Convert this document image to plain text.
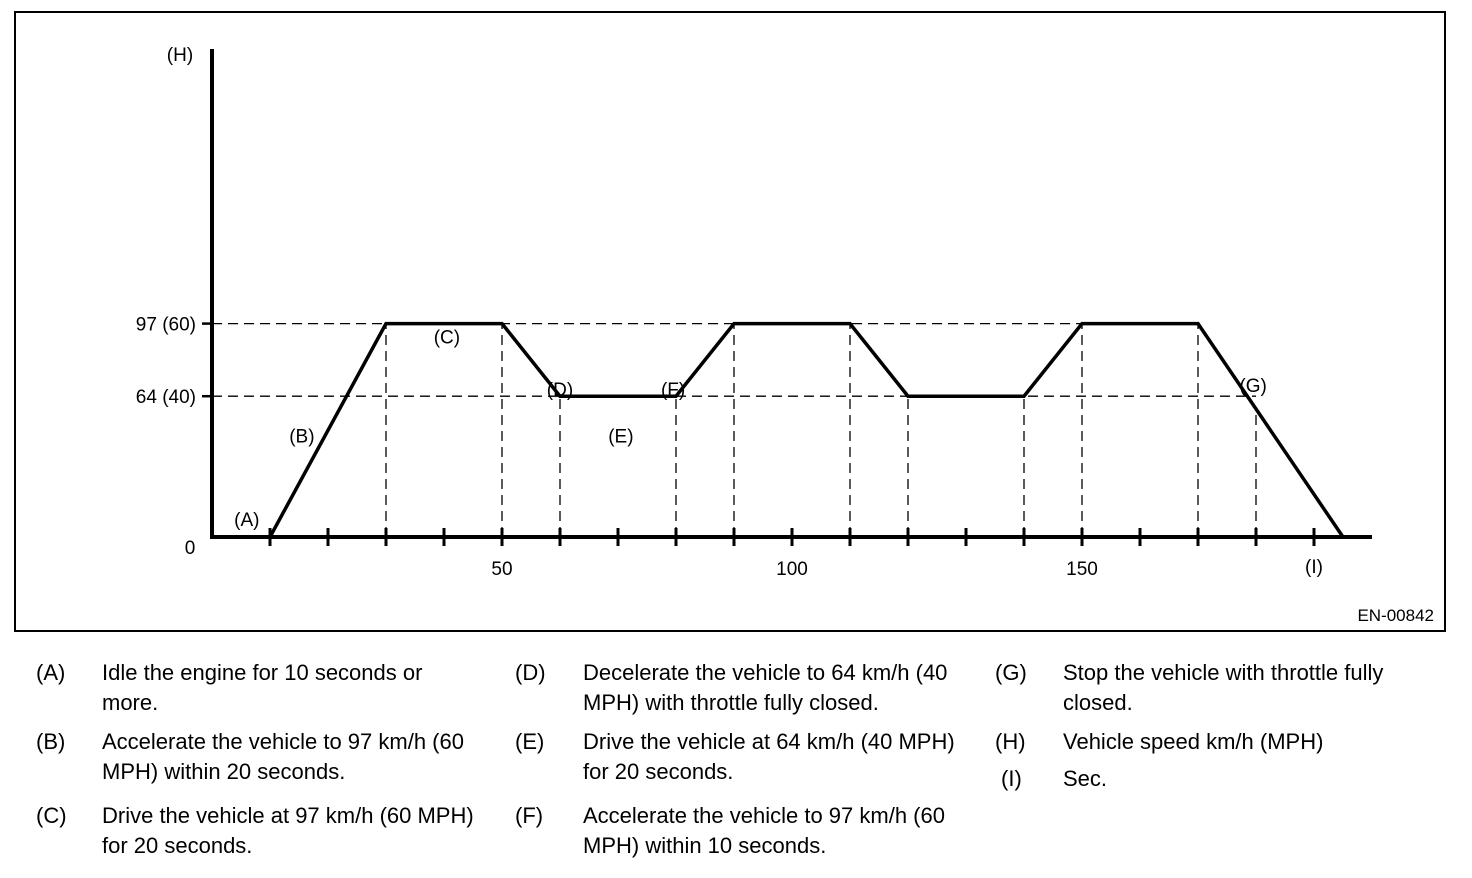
97 (60)
64 (40)
50	100	150
0
(H)
(I)
(A)
(B)
(C)
(D)
(E)
(F)	(G)
EN-00842
(A) Idle the engine for 10 seconds or more.
(B) Accelerate the vehicle to 97 km/h (60 MPH) within 20 seconds.
(C) Drive the vehicle at 97 km/h (60 MPH) for 20 seconds.
(D) Decelerate the vehicle to 64 km/h (40 MPH) with throttle fully closed.
(E) Drive the vehicle at 64 km/h (40 MPH) for 20 seconds.
(F) Accelerate the vehicle to 97 km/h (60 MPH) within 10 seconds.
(G) Stop the vehicle with throttle fully closed.
(H) Vehicle speed km/h (MPH)
(I) Sec.
